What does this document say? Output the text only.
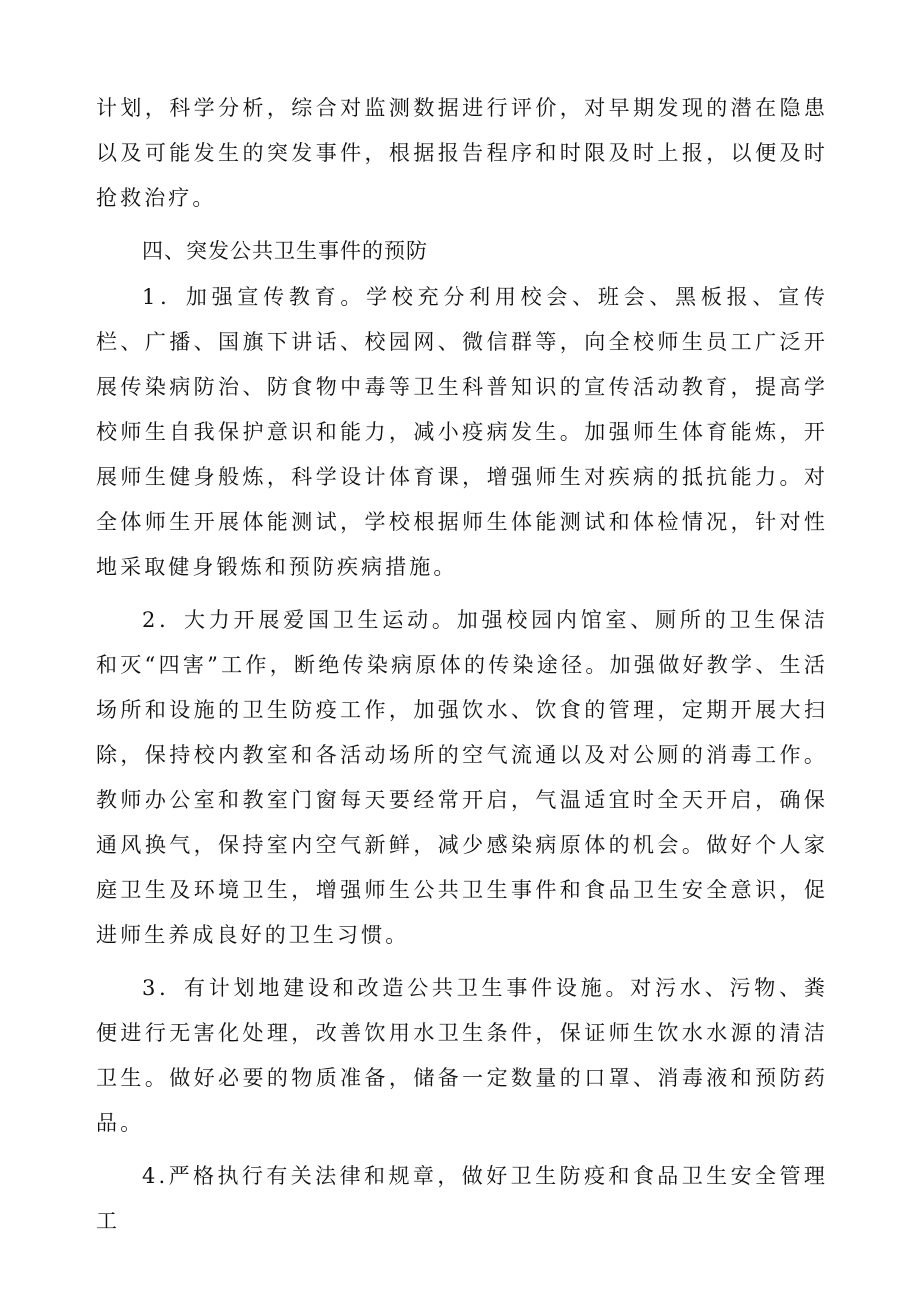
计划，科学分析，综合对监测数据进行评价，对早期发现的潜在隐患以及可能发生的突发事件，根据报告程序和时限及时上报，以便及时抢救治疗。

四、突发公共卫生事件的预防

1．加强宣传教育。学校充分利用校会、班会、黑板报、宣传栏、广播、国旗下讲话、校园网、微信群等，向全校师生员工广泛开展传染病防治、防食物中毒等卫生科普知识的宣传活动教育，提高学校师生自我保护意识和能力，减小疫病发生。加强师生体育能炼，开展师生健身般炼，科学设计体育课，增强师生对疾病的抵抗能力。对全体师生开展体能测试，学校根据师生体能测试和体检情况，针对性地采取健身锻炼和预防疾病措施。

2．大力开展爱国卫生运动。加强校园内馆室、厕所的卫生保洁和灭“四害”工作，断绝传染病原体的传染途径。加强做好教学、生活场所和设施的卫生防疫工作，加强饮水、饮食的管理，定期开展大扫除，保持校内教室和各活动场所的空气流通以及对公厕的消毒工作。教师办公室和教室门窗每天要经常开启，气温适宜时全天开启，确保通风换气，保持室内空气新鲜，减少感染病原体的机会。做好个人家庭卫生及环境卫生，增强师生公共卫生事件和食品卫生安全意识，促进师生养成良好的卫生习惯。

3．有计划地建设和改造公共卫生事件设施。对污水、污物、粪便进行无害化处理，改善饮用水卫生条件，保证师生饮水水源的清洁卫生。做好必要的物质准备，储备一定数量的口罩、消毒液和预防药品。

4.严格执行有关法律和规章，做好卫生防疫和食品卫生安全管理工
